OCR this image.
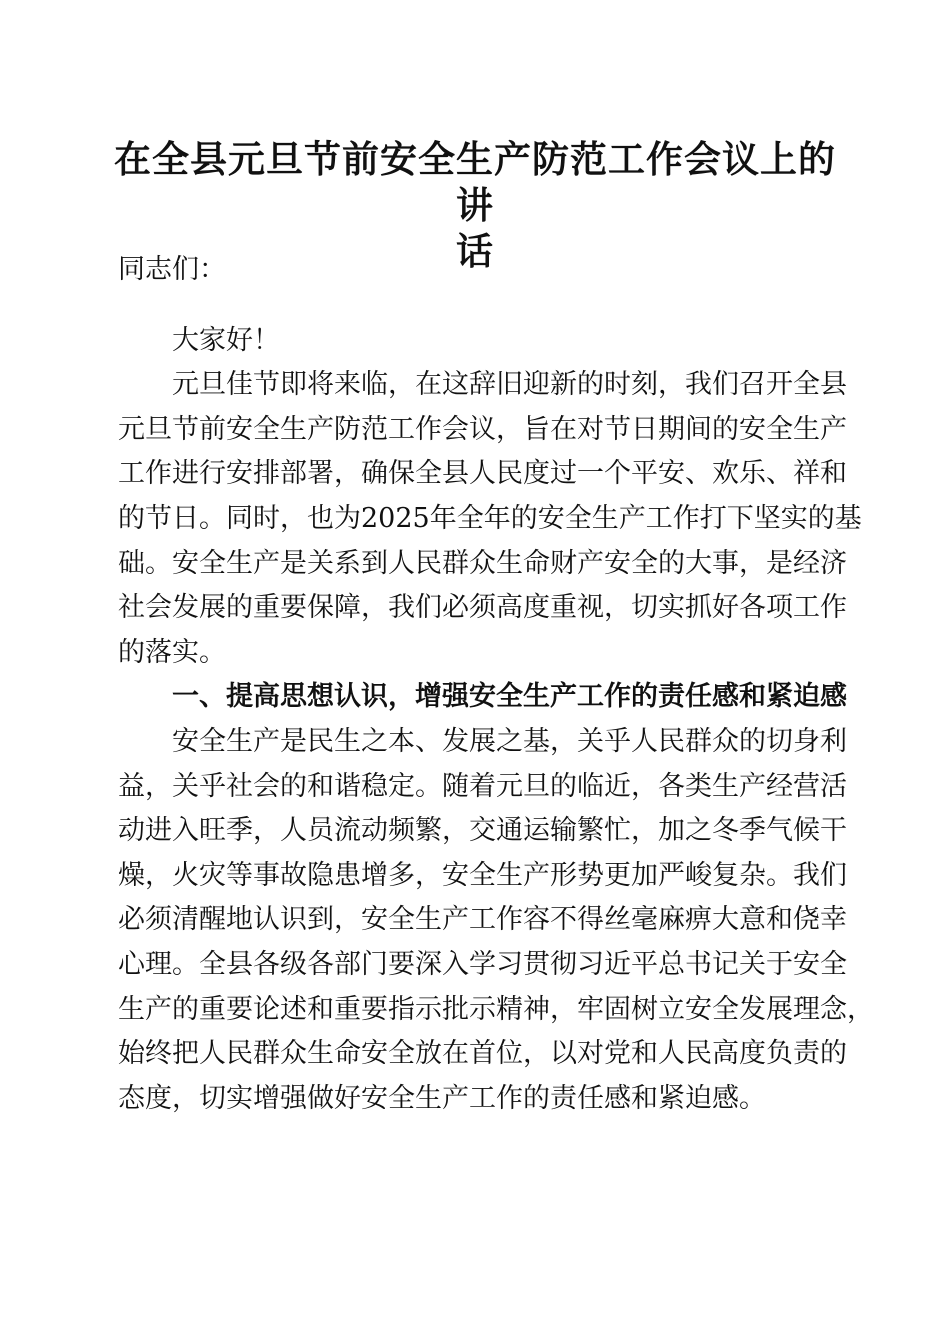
在全县元旦节前安全生产防范工作会议上的讲
话
同志们：
大家好！
元旦佳节即将来临，在这辞旧迎新的时刻，我们召开全县
元旦节前安全生产防范工作会议，旨在对节日期间的安全生产
工作进行安排部署，确保全县人民度过一个平安、欢乐、祥和
的节日。同时，也为2025年全年的安全生产工作打下坚实的基
础。安全生产是关系到人民群众生命财产安全的大事，是经济
社会发展的重要保障，我们必须高度重视，切实抓好各项工作
的落实。
一、提高思想认识，增强安全生产工作的责任感和紧迫感
安全生产是民生之本、发展之基，关乎人民群众的切身利
益，关乎社会的和谐稳定。随着元旦的临近，各类生产经营活
动进入旺季，人员流动频繁，交通运输繁忙，加之冬季气候干
燥，火灾等事故隐患增多，安全生产形势更加严峻复杂。我们
必须清醒地认识到，安全生产工作容不得丝毫麻痹大意和侥幸
心理。全县各级各部门要深入学习贯彻习近平总书记关于安全
生产的重要论述和重要指示批示精神，牢固树立安全发展理念，
始终把人民群众生命安全放在首位，以对党和人民高度负责的
态度，切实增强做好安全生产工作的责任感和紧迫感。
